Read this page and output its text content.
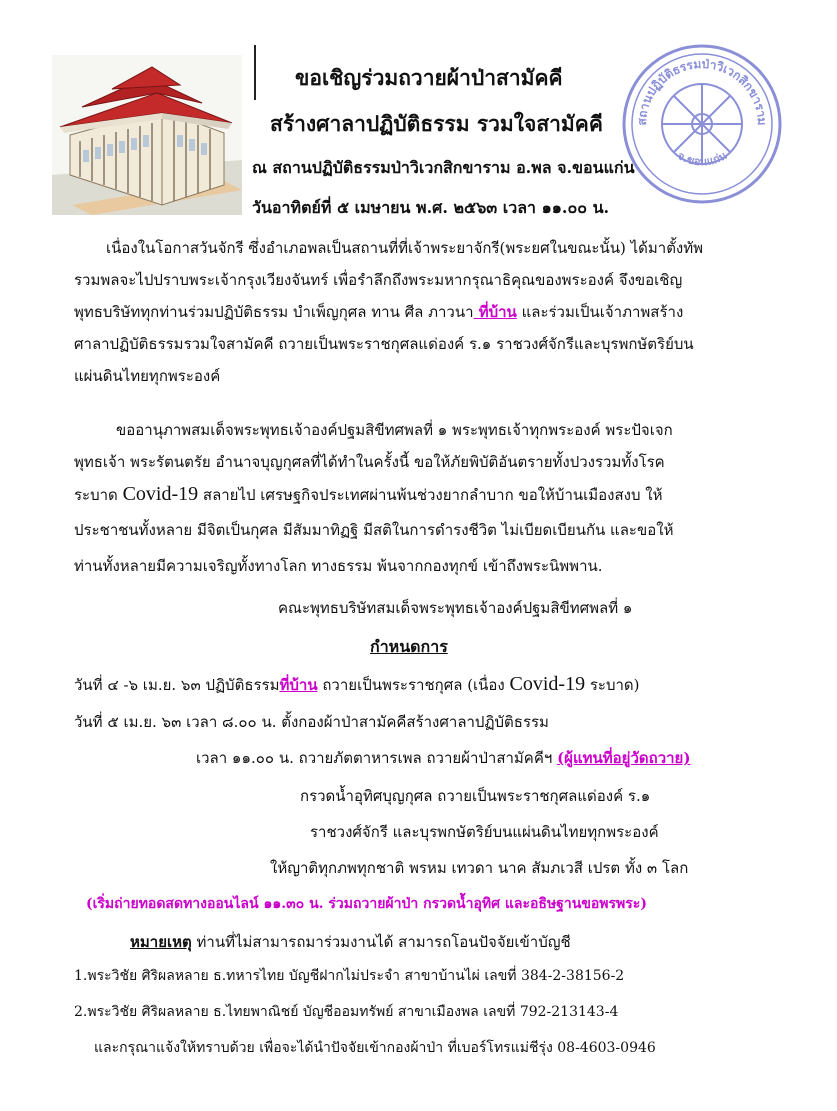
สถานปฏิบัติธรรมป่าวิเวกสิกขาราม
จ.ขอนแก่น
ขอเชิญร่วมถวายผ้าป่าสามัคคี
สร้างศาลาปฏิบัติธรรม รวมใจสามัคคี
ณ สถานปฏิบัติธรรมป่าวิเวกสิกขาราม อ.พล จ.ขอนแก่น
วันอาทิตย์ที่ ๕ เมษายน พ.ศ. ๒๕๖๓ เวลา ๑๑.๐๐ น.
เนื่องในโอกาสวันจักรี ซึ่งอำเภอพลเป็นสถานที่ที่เจ้าพระยาจักรี(พระยศในขณะนั้น) ได้มาตั้งทัพ
รวมพลจะไปปราบพระเจ้ากรุงเวียงจันทร์ เพื่อรำลึกถึงพระมหากรุณาธิคุณของพระองค์ จึงขอเชิญ
พุทธบริษัททุกท่านร่วมปฏิบัติธรรม บำเพ็ญกุศล ทาน ศีล ภาวนา ที่บ้าน และร่วมเป็นเจ้าภาพสร้าง
ศาลาปฏิบัติธรรมรวมใจสามัคคี ถวายเป็นพระราชกุศลแด่องค์ ร.๑ ราชวงศ์จักรีและบุรพกษัตริย์บน
แผ่นดินไทยทุกพระองค์
ขออานุภาพสมเด็จพระพุทธเจ้าองค์ปฐมสิขีทศพลที่ ๑ พระพุทธเจ้าทุกพระองค์ พระปัจเจก
พุทธเจ้า พระรัตนตรัย อำนาจบุญกุศลที่ได้ทำในครั้งนี้ ขอให้ภัยพิบัติอันตรายทั้งปวงรวมทั้งโรค
ระบาด Covid-19 สลายไป เศรษฐกิจประเทศผ่านพ้นช่วงยากลำบาก ขอให้บ้านเมืองสงบ ให้
ประชาชนทั้งหลาย มีจิตเป็นกุศล มีสัมมาทิฏฐิ มีสติในการดำรงชีวิต ไม่เบียดเบียนกัน และขอให้
ท่านทั้งหลายมีความเจริญทั้งทางโลก ทางธรรม พ้นจากกองทุกข์ เข้าถึงพระนิพพาน.
คณะพุทธบริษัทสมเด็จพระพุทธเจ้าองค์ปฐมสิขีทศพลที่ ๑
กำหนดการ
วันที่ ๔ -๖ เม.ย. ๖๓ ปฏิบัติธรรมที่บ้าน ถวายเป็นพระราชกุศล (เนื่อง Covid-19 ระบาด)
วันที่ ๕ เม.ย. ๖๓ เวลา ๘.๐๐ น. ตั้งกองผ้าป่าสามัคคีสร้างศาลาปฏิบัติธรรม
เวลา ๑๑.๐๐ น. ถวายภัตตาหารเพล ถวายผ้าป่าสามัคคีฯ (ผู้แทนที่อยู่วัดถวาย)
กรวดน้ำอุทิศบุญกุศล ถวายเป็นพระราชกุศลแด่องค์ ร.๑
ราชวงศ์จักรี และบุรพกษัตริย์บนแผ่นดินไทยทุกพระองค์
ให้ญาติทุกภพทุกชาติ พรหม เทวดา นาค สัมภเวสี เปรต ทั้ง ๓ โลก
(เริ่มถ่ายทอดสดทางออนไลน์ ๑๑.๓๐ น. ร่วมถวายผ้าป่า กรวดน้ำอุทิศ และอธิษฐานขอพรพระ)
หมายเหตุ ท่านที่ไม่สามารถมาร่วมงานได้ สามารถโอนปัจจัยเข้าบัญชี
1.พระวิชัย ศิริผลหลาย ธ.ทหารไทย บัญชีฝากไม่ประจำ สาขาบ้านไผ่ เลขที่ 384-2-38156-2
2.พระวิชัย ศิริผลหลาย ธ.ไทยพาณิชย์ บัญชีออมทรัพย์ สาขาเมืองพล เลขที่ 792-213143-4
และกรุณาแจ้งให้ทราบด้วย เพื่อจะได้นำปัจจัยเข้ากองผ้าป่า ที่เบอร์โทรแม่ชีรุ่ง 08-4603-0946
